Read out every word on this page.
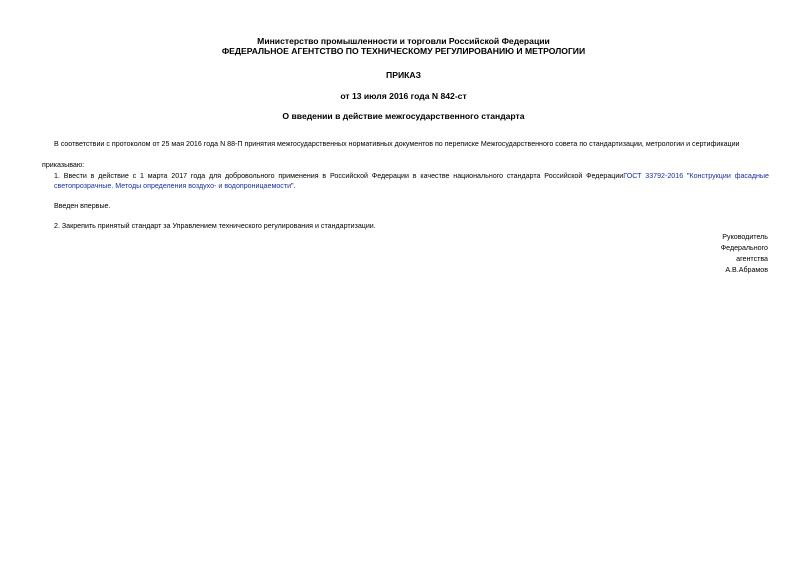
Министерство промышленности и торговли Российской Федерации
ФЕДЕРАЛЬНОЕ АГЕНТСТВО ПО ТЕХНИЧЕСКОМУ РЕГУЛИРОВАНИЮ И МЕТРОЛОГИИ
ПРИКАЗ
от 13 июля 2016 года N 842-ст
О введении в действие межгосударственного стандарта
В соответствии с протоколом от 25 мая 2016 года N 88-П принятия межгосударственных нормативных документов по переписке Межгосударственного совета по стандартизации, метрологии и сертификации
приказываю:
1. Ввести в действие с 1 марта 2017 года для добровольного применения в Российской Федерации в качестве национального стандарта Российской ФедерацииГОСТ 33792-2016 "Конструкции фасадные светопрозрачные. Методы определения воздухо- и водопроницаемости".
Введен впервые.
2. Закрепить принятый стандарт за Управлением технического регулирования и стандартизации.
Руководитель
Федерального
агентства
А.В.Абрамов
